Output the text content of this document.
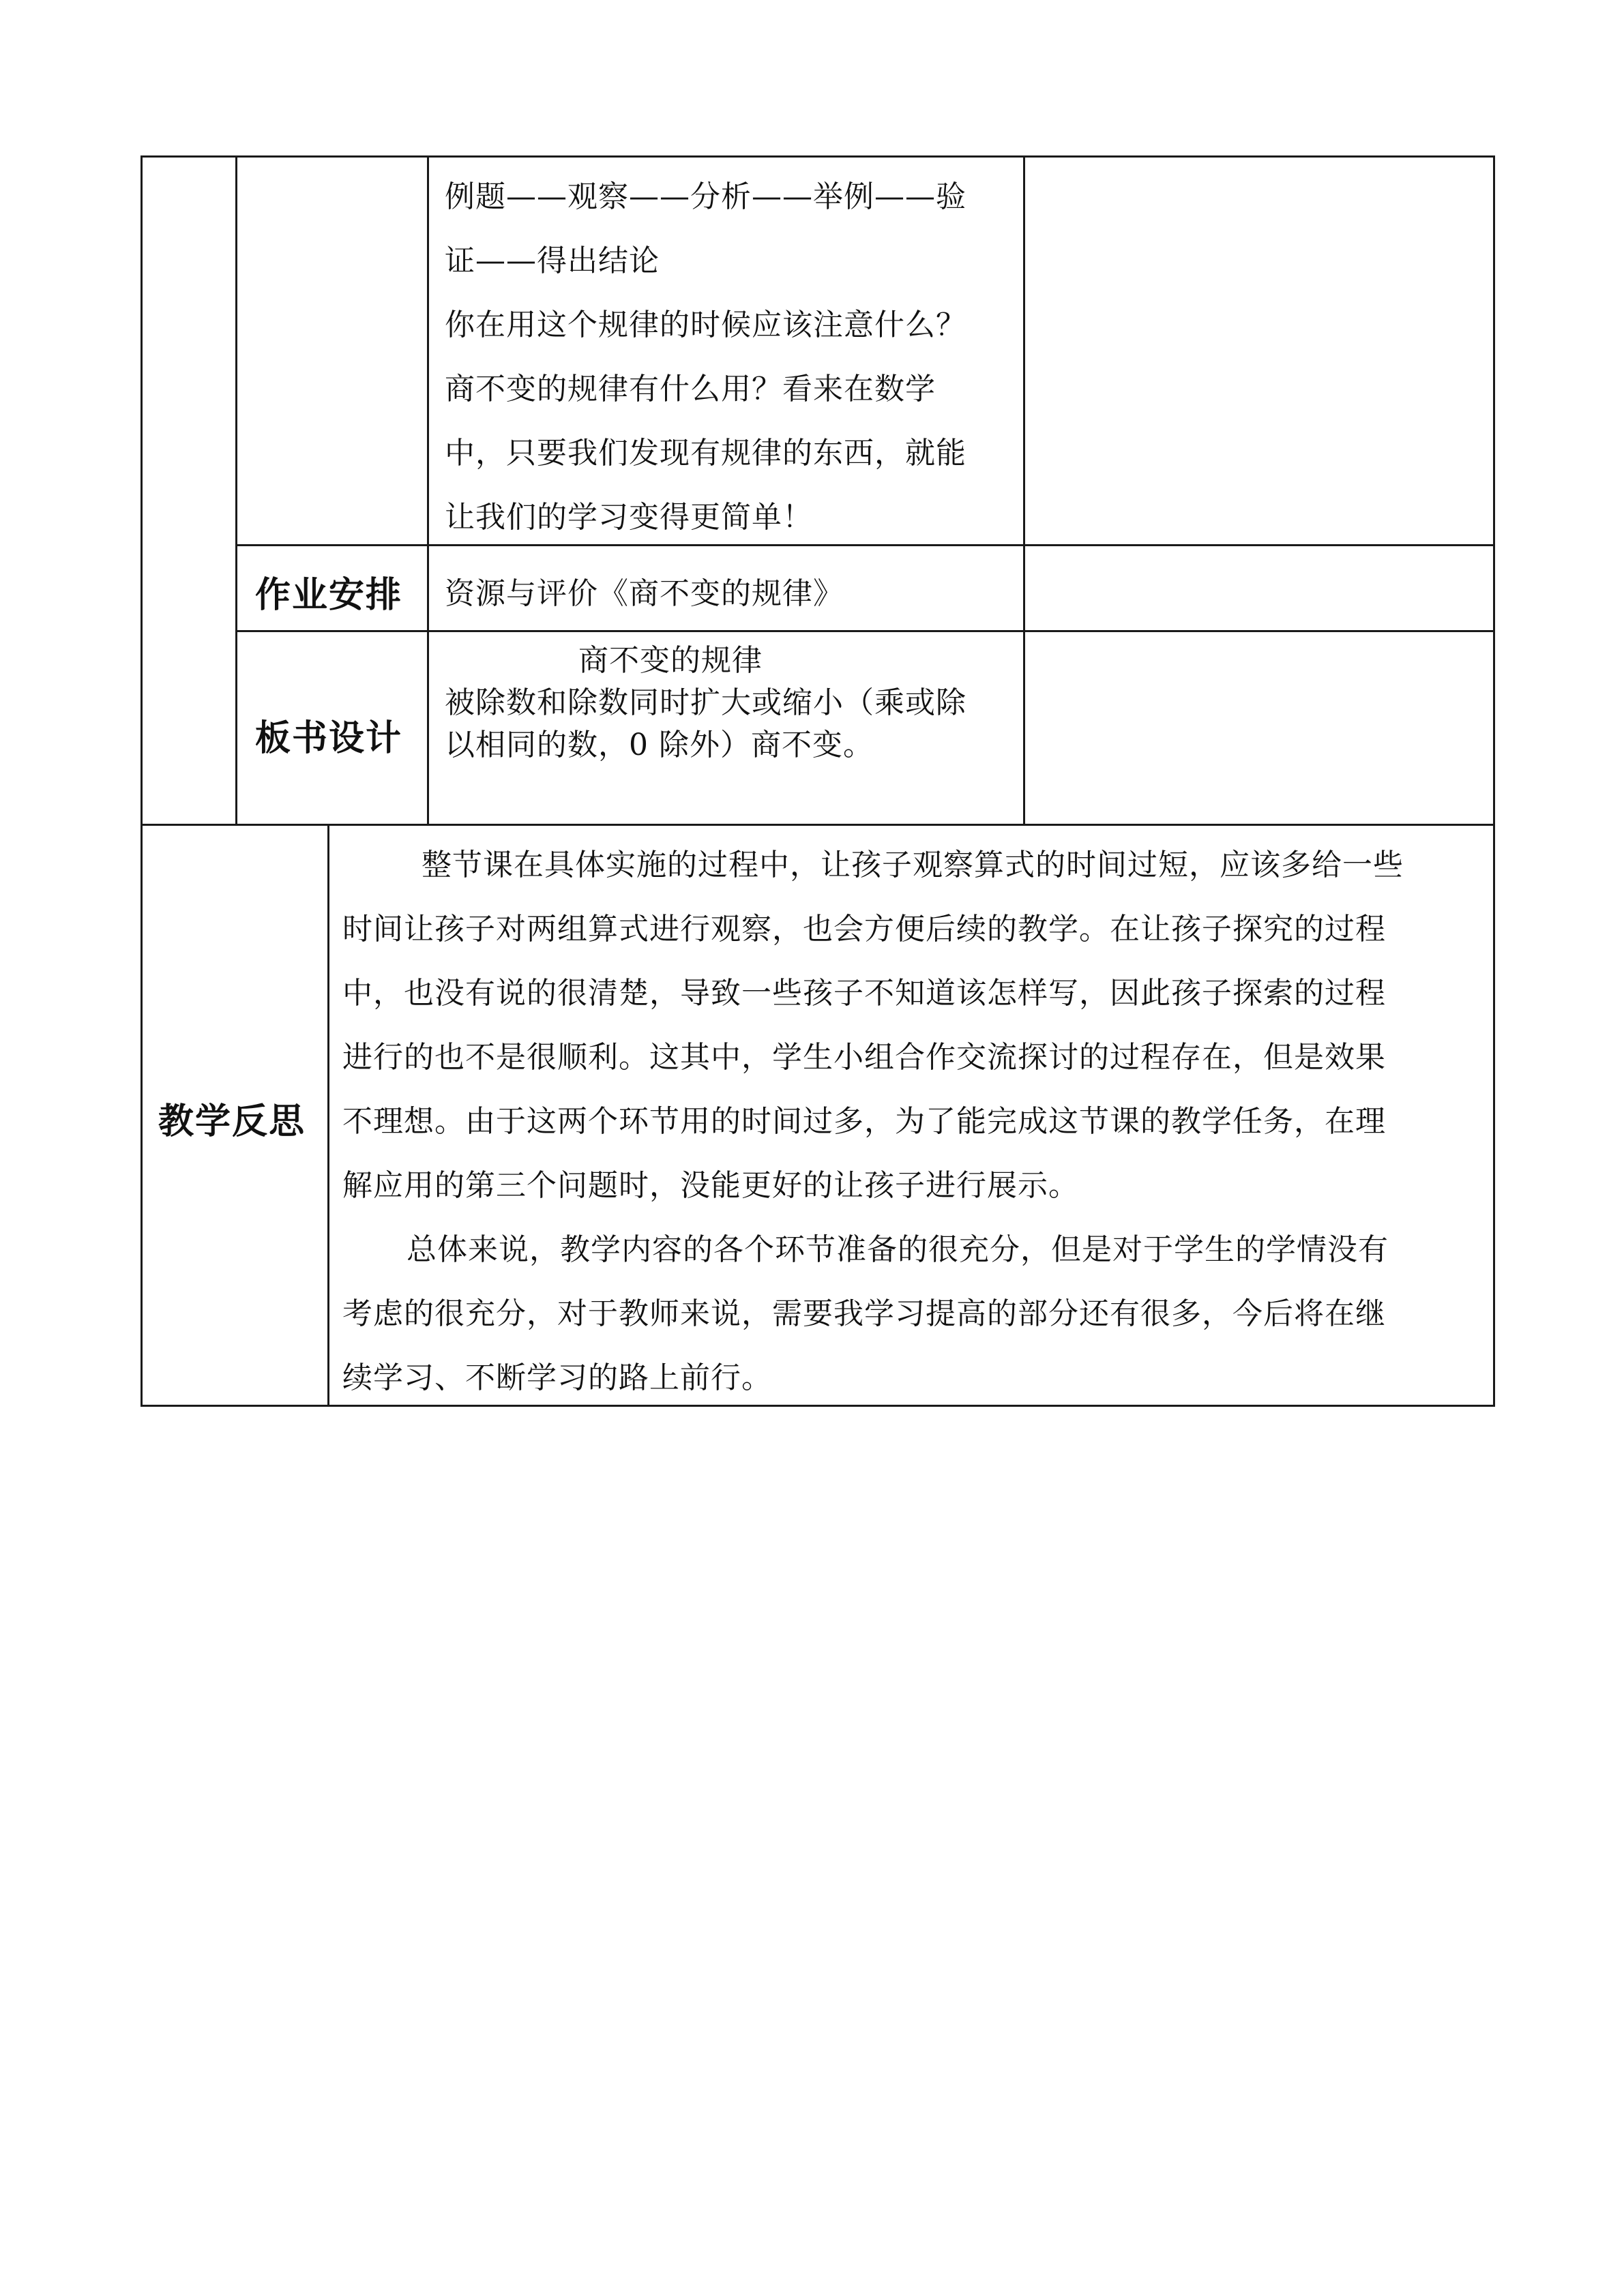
例题——观察——分析——举例——验
证——得出结论
你在用这个规律的时候应该注意什么？
商不变的规律有什么用？看来在数学
中，只要我们发现有规律的东西，就能
让我们的学习变得更简单！
作业安排 资源与评价《商不变的规律》
板书设计
商不变的规律
被除数和除数同时扩大或缩小（乘或除
以相同的数，0 除外）商不变。
教学反思
整节课在具体实施的过程中，让孩子观察算式的时间过短，应该多给一些
时间让孩子对两组算式进行观察，也会方便后续的教学。在让孩子探究的过程
中，也没有说的很清楚，导致一些孩子不知道该怎样写，因此孩子探索的过程
进行的也不是很顺利。这其中，学生小组合作交流探讨的过程存在，但是效果
不理想。由于这两个环节用的时间过多，为了能完成这节课的教学任务，在理
解应用的第三个问题时，没能更好的让孩子进行展示。
总体来说，教学内容的各个环节准备的很充分，但是对于学生的学情没有
考虑的很充分，对于教师来说，需要我学习提高的部分还有很多，今后将在继
续学习、不断学习的路上前行。
